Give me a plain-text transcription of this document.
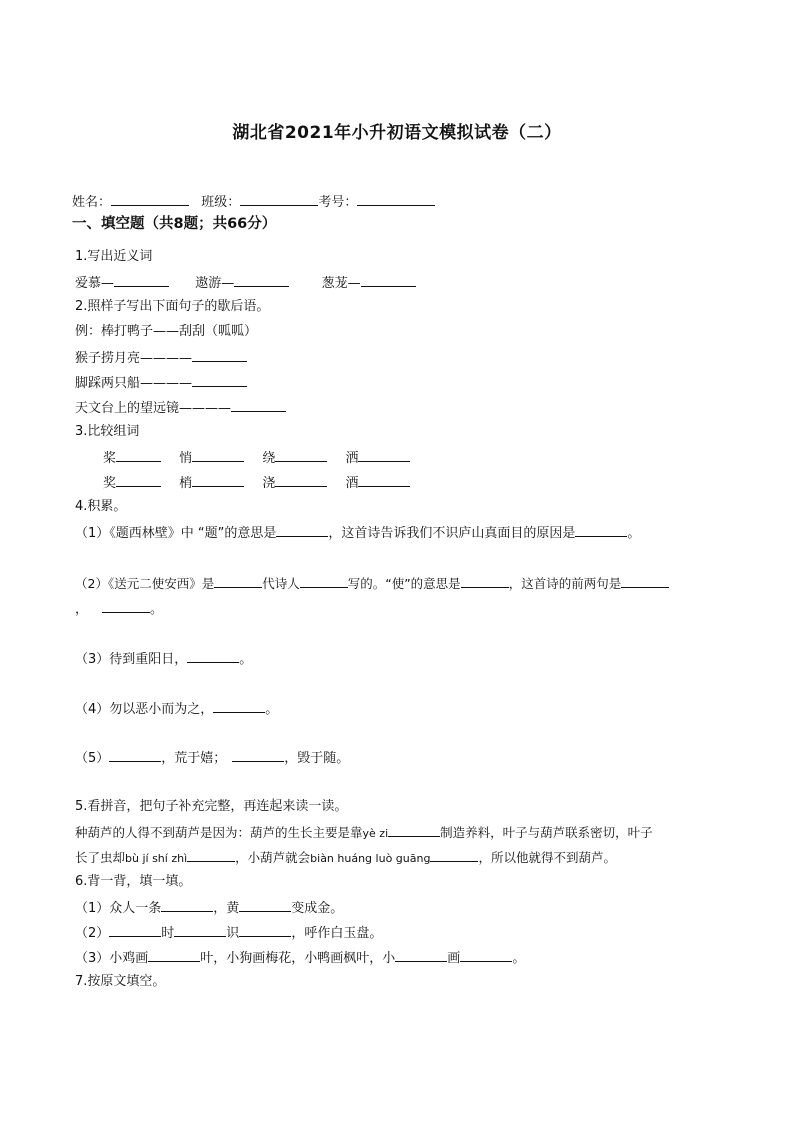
湖北省2021年小升初语文模拟试卷（二）
姓名：	班级：	考号：
一、填空题（共8题；共66分）
1.写出近义词
爱慕—	遨游—	葱茏—
2.照样子写出下面句子的歇后语。
例：棒打鸭子——刮刮（呱呱）
猴子捞月亮————
脚踩两只船————
天文台上的望远镜————
3.比较组词
桨	悄	绕	洒
奖	梢	浇	酒
4.积累。
（1）《题西林壁》中 “题”的意思是	，这首诗告诉我们不识庐山真面目的原因是	。
（2）《送元二使安西》是	代诗人	写的。“使”的意思是	，这首诗的前两句是
，	。
（3）待到重阳日，	。
（4）勿以恶小而为之，	。
（5）	，荒于嬉；	，毁于随。
5.看拼音，把句子补充完整，再连起来读一读。
种葫芦的人得不到葫芦是因为：葫芦的生长主要是靠yè zi	制造养料，叶子与葫芦联系密切，叶子
长了虫却bù jí shí zhì	，小葫芦就会biàn huáng luò guāng	，所以他就得不到葫芦。
6.背一背，填一填。
（1）众人一条	，黄	变成金。
（2）	时	识	，呼作白玉盘。
（3）小鸡画	叶，小狗画梅花，小鸭画枫叶，小	画	。
7.按原文填空。
